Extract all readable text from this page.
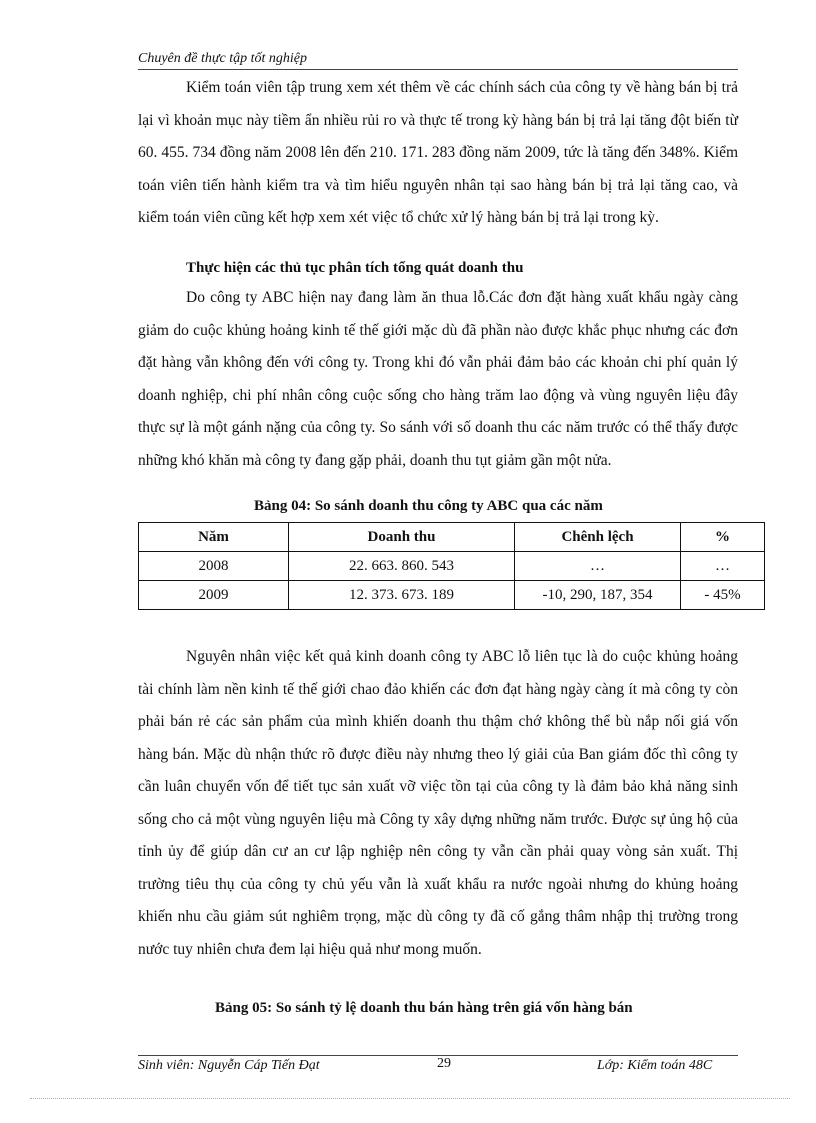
Chuyên đề thực tập tốt nghiệp

Kiểm toán viên tập trung xem xét thêm về các chính sách của công ty về hàng bán bị trả lại vì khoản mục này tiềm ẩn nhiều rủi ro và thực tế trong kỳ hàng bán bị trả lại tăng đột biến từ 60. 455. 734 đồng năm 2008 lên đến 210. 171. 283 đồng năm 2009, tức là tăng đến 348%. Kiểm toán viên tiến hành kiểm tra và tìm hiểu nguyên nhân tại sao hàng bán bị trả lại tăng cao, và kiểm toán viên cũng kết hợp xem xét việc tổ chức xử lý hàng bán bị trả lại trong kỳ.

Thực hiện các thủ tục phân tích tổng quát doanh thu

Do công ty ABC hiện nay đang làm ăn thua lỗ.Các đơn đặt hàng xuất khẩu ngày càng giảm do cuộc khủng hoảng kinh tế thế giới mặc dù đã phần nào được khắc phục nhưng các đơn đặt hàng vẫn không đến với công ty. Trong khi đó vẫn phải đảm bảo các khoản chi phí quản lý doanh nghiệp, chi phí nhân công cuộc sống cho hàng trăm lao động và vùng nguyên liệu đây thực sự là một gánh nặng của công ty. So sánh với số doanh thu các năm trước có thể thấy được những khó khăn mà công ty đang gặp phải, doanh thu tụt giảm gần một nửa.

Bảng 04: So sánh doanh thu công ty ABC qua các năm
Năm	Doanh thu	Chênh lệch	%
2008	22. 663. 860. 543	…	…
2009	12. 373. 673. 189	-10, 290, 187, 354	- 45%

Nguyên nhân việc kết quả kinh doanh công ty ABC lỗ liên tục là do cuộc khủng hoảng tài chính làm nền kinh tế thế giới chao đảo khiến các đơn đạt hàng ngày càng ít mà công ty còn phải bán rẻ các sản phẩm của mình khiến doanh thu thậm chớ không thể bù nắp nối giá vốn hàng bán. Mặc dù nhận thức rõ được điều này nhưng theo lý giải của Ban giám đốc thì công ty cần luân chuyển vốn để tiết tục sản xuất vỡ việc tồn tại của công ty là đảm bảo khả năng sinh sống cho cả một vùng nguyên liệu mà Công ty xây dựng những năm trước. Được sự ủng hộ của tỉnh ủy để giúp dân cư an cư lập nghiệp nên công ty vẫn cần phải quay vòng sản xuất. Thị trường tiêu thụ của công ty chủ yếu vẫn là xuất khẩu ra nước ngoài nhưng do khủng hoảng khiến nhu cầu giảm sút nghiêm trọng, mặc dù công ty đã cố gắng thâm nhập thị trường trong nước tuy nhiên chưa đem lại hiệu quả như mong muốn.

Bảng 05: So sánh tỷ lệ doanh thu bán hàng trên giá vốn hàng bán
Sinh viên: Nguyễn Cáp Tiến Đạt	29	Lớp: Kiểm toán 48C
